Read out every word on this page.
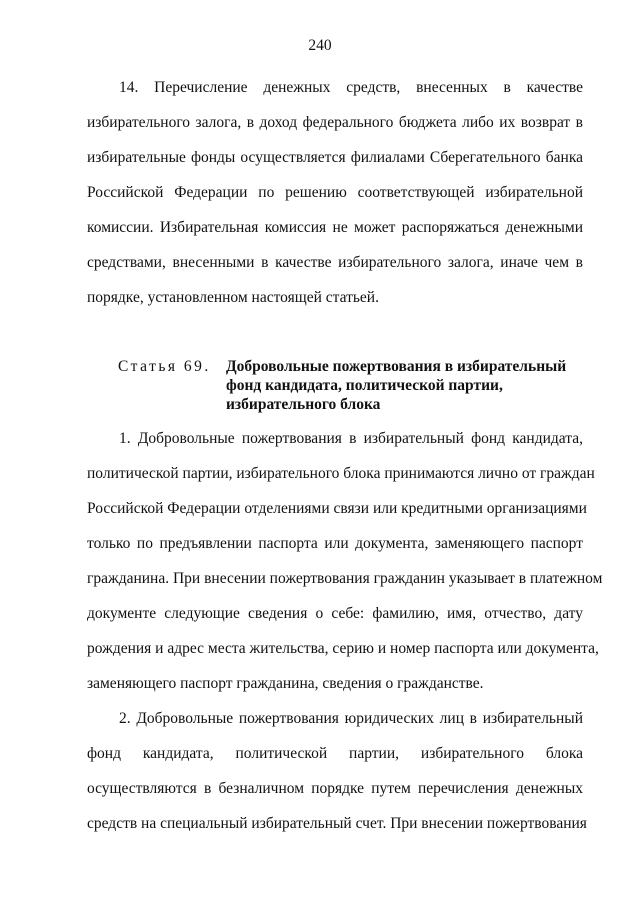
240
14. Перечисление денежных средств, внесенных в качестве
избирательного залога, в доход федерального бюджета либо их возврат в
избирательные фонды осуществляется филиалами Сберегательного банка
Российской Федерации по решению соответствующей избирательной
комиссии. Избирательная комиссия не может распоряжаться денежными
средствами, внесенными в качестве избирательного залога, иначе чем в
порядке, установленном настоящей статьей.
Статья 69. Добровольные пожертвования в избирательный
фонд кандидата, политической партии,
избирательного блока
1. Добровольные пожертвования в избирательный фонд кандидата,
политической партии, избирательного блока принимаются лично от граждан
Российской Федерации отделениями связи или кредитными организациями
только по предъявлении паспорта или документа, заменяющего паспорт
гражданина. При внесении пожертвования гражданин указывает в платежном
документе следующие сведения о себе: фамилию, имя, отчество, дату
рождения и адрес места жительства, серию и номер паспорта или документа,
заменяющего паспорт гражданина, сведения о гражданстве.
2. Добровольные пожертвования юридических лиц в избирательный
фонд кандидата, политической партии, избирательного блока
осуществляются в безналичном порядке путем перечисления денежных
средств на специальный избирательный счет. При внесении пожертвования
